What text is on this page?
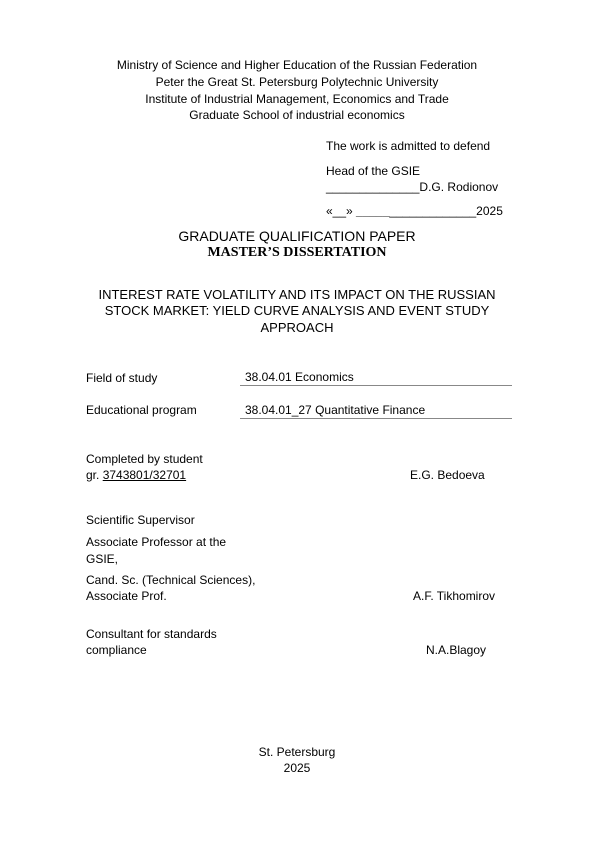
Ministry of Science and Higher Education of the Russian Federation
Peter the Great St. Petersburg Polytechnic University
Institute of Industrial Management, Economics and Trade
Graduate School of industrial economics
The work is admitted to defend
Head of the GSIE
______________D.G. Rodionov
«__» __________________2025
GRADUATE QUALIFICATION PAPER
MASTER’S DISSERTATION
INTEREST RATE VOLATILITY AND ITS IMPACT ON THE RUSSIAN
STOCK MARKET: YIELD CURVE ANALYSIS AND EVENT STUDY
APPROACH
Field of study	38.04.01 Economics
Educational program	38.04.01_27 Quantitative Finance
Completed by student
gr. 3743801/32701	E.G. Bedoeva
Scientific Supervisor
Associate Professor at the
GSIE,
Cand. Sc. (Technical Sciences),
Associate Prof.	A.F. Tikhomirov
Consultant for standards
compliance	N.A.Blagoy
St. Petersburg
2025
